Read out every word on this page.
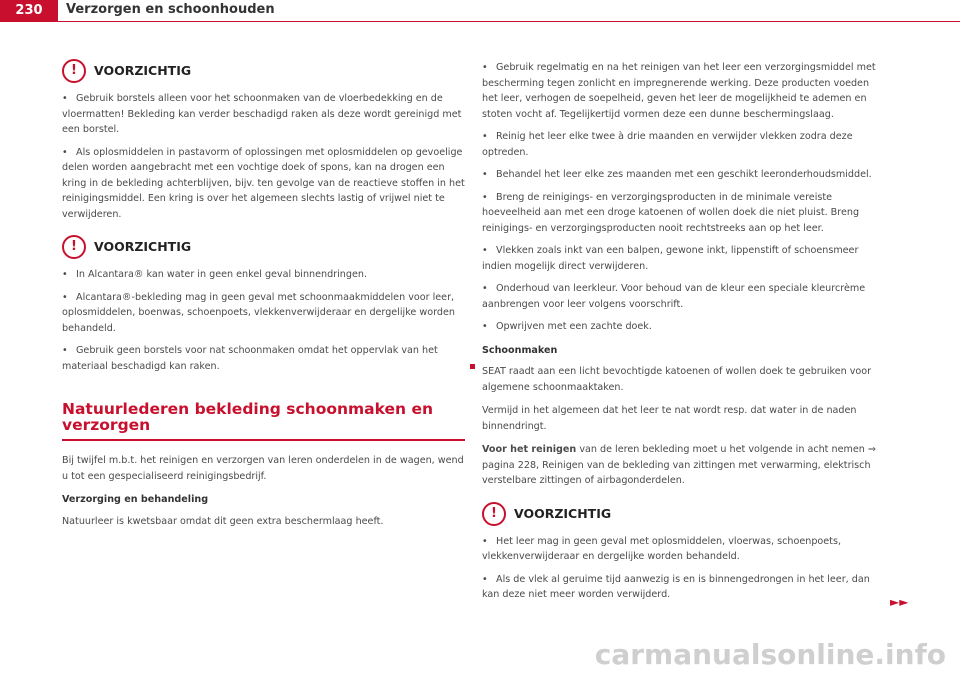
230	Verzorgen en schoonhouden
!	VOORZICHTIG
• Gebruik borstels alleen voor het schoonmaken van de vloerbedekking en de vloermatten! Bekleding kan verder beschadigd raken als deze wordt gereinigd met een borstel.
• Als oplosmiddelen in pastavorm of oplossingen met oplosmiddelen op gevoelige delen worden aangebracht met een vochtige doek of spons, kan na drogen een kring in de bekleding achterblijven, bijv. ten gevolge van de reactieve stoffen in het reinigingsmiddel. Een kring is over het algemeen slechts lastig of vrijwel niet te verwijderen.
!	VOORZICHTIG
• In Alcantara® kan water in geen enkel geval binnendringen.
• Alcantara®-bekleding mag in geen geval met schoonmaakmiddelen voor leer, oplosmiddelen, boenwas, schoenpoets, vlekkenverwijderaar en dergelijke worden behandeld.
• Gebruik geen borstels voor nat schoonmaken omdat het oppervlak van het materiaal beschadigd kan raken.
Natuurlederen bekleding schoonmaken en verzorgen

Bij twijfel m.b.t. het reinigen en verzorgen van leren onderdelen in de wagen, wend u tot een gespecialiseerd reinigingsbedrijf.

Verzorging en behandeling

Natuurleer is kwetsbaar omdat dit geen extra beschermlaag heeft.

• Gebruik regelmatig en na het reinigen van het leer een verzorgingsmiddel met bescherming tegen zonlicht en impregnerende werking. Deze producten voeden het leer, verhogen de soepelheid, geven het leer de mogelijkheid te ademen en stoten vocht af. Tegelijkertijd vormen deze een dunne beschermingslaag.
• Reinig het leer elke twee à drie maanden en verwijder vlekken zodra deze optreden.
• Behandel het leer elke zes maanden met een geschikt leeronderhoudsmiddel.
• Breng de reinigings- en verzorgingsproducten in de minimale vereiste hoeveelheid aan met een droge katoenen of wollen doek die niet pluist. Breng reinigings- en verzorgingsproducten nooit rechtstreeks aan op het leer.
• Vlekken zoals inkt van een balpen, gewone inkt, lippenstift of schoensmeer indien mogelijk direct verwijderen.
• Onderhoud van leerkleur. Voor behoud van de kleur een speciale kleurcrème aanbrengen voor leer volgens voorschrift.
• Opwrijven met een zachte doek.
Schoonmaken

SEAT raadt aan een licht bevochtigde katoenen of wollen doek te gebruiken voor algemene schoonmaaktaken.

Vermijd in het algemeen dat het leer te nat wordt resp. dat water in de naden binnendringt.

Voor het reinigen van de leren bekleding moet u het volgende in acht nemen ⇒ pagina 228, Reinigen van de bekleding van zittingen met verwarming, elektrisch verstelbare zittingen of airbagonderdelen.

!	VOORZICHTIG
• Het leer mag in geen geval met oplosmiddelen, vloerwas, schoenpoets, vlekkenverwijderaar en dergelijke worden behandeld.
• Als de vlek al geruime tijd aanwezig is en is binnengedrongen in het leer, dan kan deze niet meer worden verwijderd.
►►
carmanualsonline.info
